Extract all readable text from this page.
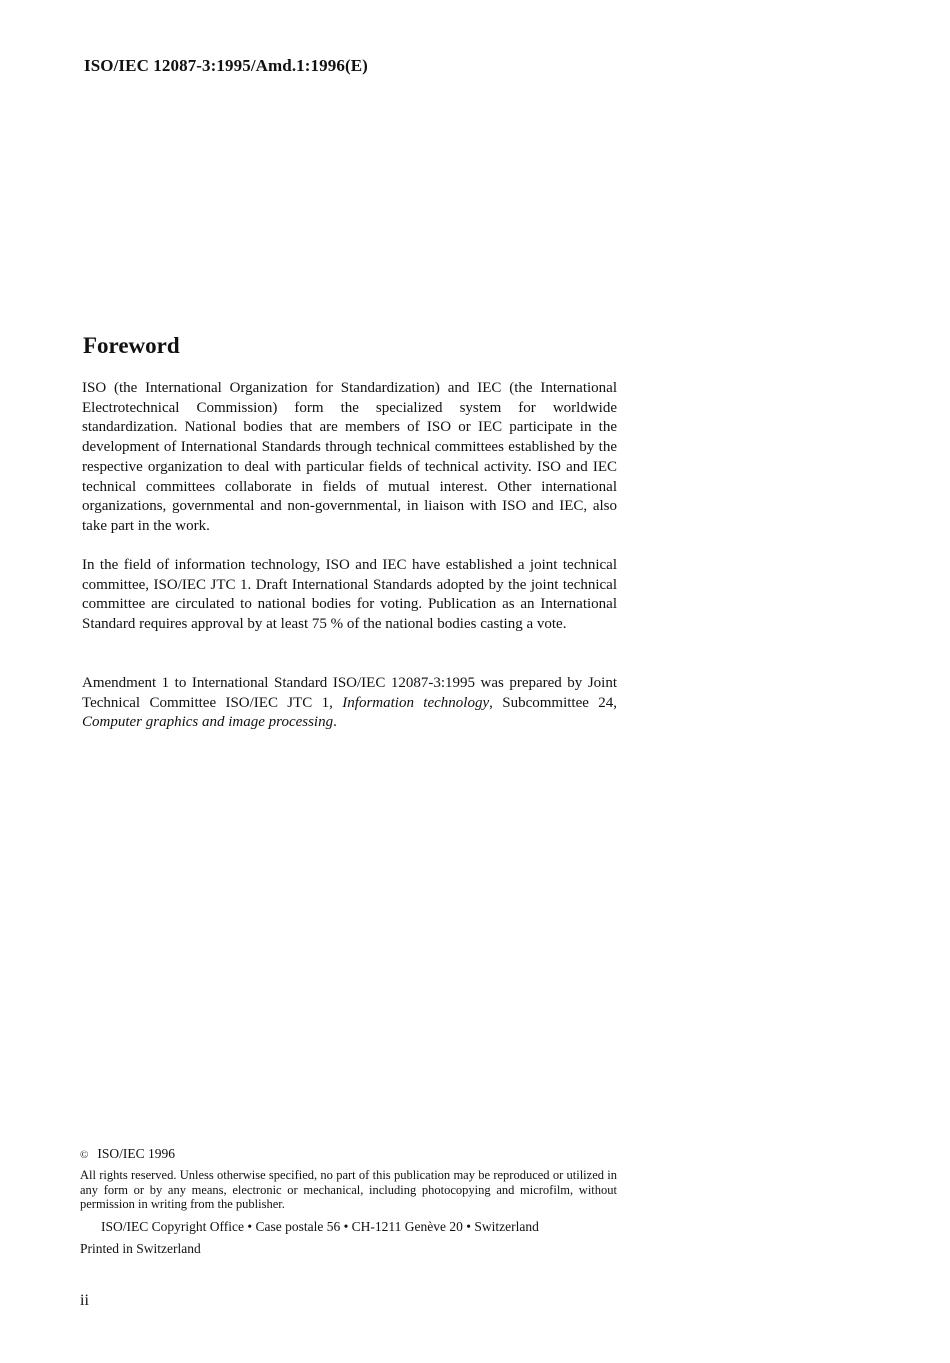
ISO/IEC 12087-3:1995/Amd.1:1996(E)
Foreword

ISO (the International Organization for Standardization) and IEC (the International Electrotechnical Commission) form the specialized system for worldwide standardization. National bodies that are members of ISO or IEC participate in the development of International Standards through technical committees established by the respective organization to deal with particular fields of technical activity. ISO and IEC technical committees collaborate in fields of mutual interest. Other international organizations, governmental and non-governmental, in liaison with ISO and IEC, also take part in the work.

In the field of information technology, ISO and IEC have established a joint technical committee, ISO/IEC JTC 1. Draft International Standards adopted by the joint technical committee are circulated to national bodies for voting. Publication as an International Standard requires approval by at least 75 % of the national bodies casting a vote.

Amendment 1 to International Standard ISO/IEC 12087-3:1995 was prepared by Joint Technical Committee ISO/IEC JTC 1, Information technology, Subcommittee 24, Computer graphics and image processing.

© ISO/IEC 1996
All rights reserved. Unless otherwise specified, no part of this publication may be reproduced or utilized in any form or by any means, electronic or mechanical, including photocopying and microfilm, without permission in writing from the publisher.
ISO/IEC Copyright Office • Case postale 56 • CH-1211 Genève 20 • Switzerland
Printed in Switzerland
ii
